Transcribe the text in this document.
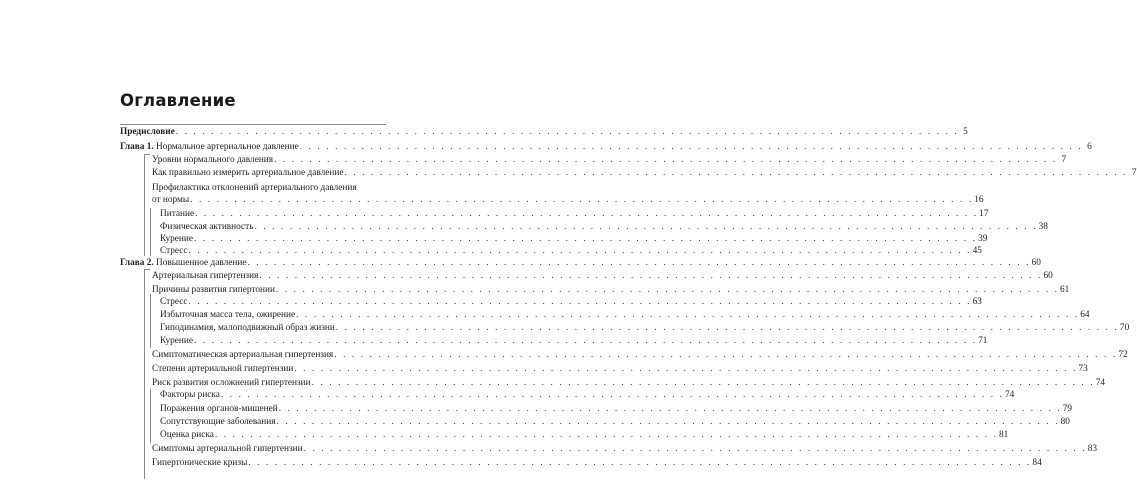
Оглавление
Предисловие . . . . . . . . . . . . . . . . . . . . . . . . . . . . . . . . . . . . . . . . . . . . . . . . . . . . . . . . . . . . . . . . . . . . . . . . . . . . . . . . . . . . . . . . . 5
Глава 1. Нормальное артериальное давление . . . . . . . . . . . . . . . . . . . . . . . . . . . . . . . . . . . . . . . . . . . . . . . . . . . . . . . . . . . . . . . . . . . . . . . . . . . . . . . . . . . . . . . . . 6
Уровни нормального давления . . . . . . . . . . . . . . . . . . . . . . . . . . . . . . . . . . . . . . . . . . . . . . . . . . . . . . . . . . . . . . . . . . . . . . . . . . . . . . . . . . . . . . . . . 7
Как правильно измерить артериальное давление . . . . . . . . . . . . . . . . . . . . . . . . . . . . . . . . . . . . . . . . . . . . . . . . . . . . . . . . . . . . . . . . . . . . . . . . . . . . . . . . . . . . . . . . . 7
Профилактика отклонений артериального давления
от нормы . . . . . . . . . . . . . . . . . . . . . . . . . . . . . . . . . . . . . . . . . . . . . . . . . . . . . . . . . . . . . . . . . . . . . . . . . . . . . . . . . . . . . . . . . 16
Питание . . . . . . . . . . . . . . . . . . . . . . . . . . . . . . . . . . . . . . . . . . . . . . . . . . . . . . . . . . . . . . . . . . . . . . . . . . . . . . . . . . . . . . . . . 17
Физическая активность . . . . . . . . . . . . . . . . . . . . . . . . . . . . . . . . . . . . . . . . . . . . . . . . . . . . . . . . . . . . . . . . . . . . . . . . . . . . . . . . . . . . . . . . . 38
Курение . . . . . . . . . . . . . . . . . . . . . . . . . . . . . . . . . . . . . . . . . . . . . . . . . . . . . . . . . . . . . . . . . . . . . . . . . . . . . . . . . . . . . . . . . 39
Стресс . . . . . . . . . . . . . . . . . . . . . . . . . . . . . . . . . . . . . . . . . . . . . . . . . . . . . . . . . . . . . . . . . . . . . . . . . . . . . . . . . . . . . . . . . 45
Глава 2. Повышенное давление . . . . . . . . . . . . . . . . . . . . . . . . . . . . . . . . . . . . . . . . . . . . . . . . . . . . . . . . . . . . . . . . . . . . . . . . . . . . . . . . . . . . . . . . . 60
Артериальная гипертензия . . . . . . . . . . . . . . . . . . . . . . . . . . . . . . . . . . . . . . . . . . . . . . . . . . . . . . . . . . . . . . . . . . . . . . . . . . . . . . . . . . . . . . . . . 60
Причины развития гипертонии . . . . . . . . . . . . . . . . . . . . . . . . . . . . . . . . . . . . . . . . . . . . . . . . . . . . . . . . . . . . . . . . . . . . . . . . . . . . . . . . . . . . . . . . . 61
Стресс . . . . . . . . . . . . . . . . . . . . . . . . . . . . . . . . . . . . . . . . . . . . . . . . . . . . . . . . . . . . . . . . . . . . . . . . . . . . . . . . . . . . . . . . . 63
Избыточная масса тела, ожирение . . . . . . . . . . . . . . . . . . . . . . . . . . . . . . . . . . . . . . . . . . . . . . . . . . . . . . . . . . . . . . . . . . . . . . . . . . . . . . . . . . . . . . . . . 64
Гиподинамия, малоподвижный образ жизни . . . . . . . . . . . . . . . . . . . . . . . . . . . . . . . . . . . . . . . . . . . . . . . . . . . . . . . . . . . . . . . . . . . . . . . . . . . . . . . . . . . . . . . . . 70
Курение . . . . . . . . . . . . . . . . . . . . . . . . . . . . . . . . . . . . . . . . . . . . . . . . . . . . . . . . . . . . . . . . . . . . . . . . . . . . . . . . . . . . . . . . . 71
Симптоматическая артериальная гипертензия . . . . . . . . . . . . . . . . . . . . . . . . . . . . . . . . . . . . . . . . . . . . . . . . . . . . . . . . . . . . . . . . . . . . . . . . . . . . . . . . . . . . . . . . . 72
Степени артериальной гипертензии . . . . . . . . . . . . . . . . . . . . . . . . . . . . . . . . . . . . . . . . . . . . . . . . . . . . . . . . . . . . . . . . . . . . . . . . . . . . . . . . . . . . . . . . . 73
Риск развития осложнений гипертензии . . . . . . . . . . . . . . . . . . . . . . . . . . . . . . . . . . . . . . . . . . . . . . . . . . . . . . . . . . . . . . . . . . . . . . . . . . . . . . . . . . . . . . . . . 74
Факторы риска . . . . . . . . . . . . . . . . . . . . . . . . . . . . . . . . . . . . . . . . . . . . . . . . . . . . . . . . . . . . . . . . . . . . . . . . . . . . . . . . . . . . . . . . . 74
Поражения органов-мишеней . . . . . . . . . . . . . . . . . . . . . . . . . . . . . . . . . . . . . . . . . . . . . . . . . . . . . . . . . . . . . . . . . . . . . . . . . . . . . . . . . . . . . . . . . 79
Сопутствующие заболевания . . . . . . . . . . . . . . . . . . . . . . . . . . . . . . . . . . . . . . . . . . . . . . . . . . . . . . . . . . . . . . . . . . . . . . . . . . . . . . . . . . . . . . . . . 80
Оценка риска . . . . . . . . . . . . . . . . . . . . . . . . . . . . . . . . . . . . . . . . . . . . . . . . . . . . . . . . . . . . . . . . . . . . . . . . . . . . . . . . . . . . . . . . . 81
Симптомы артериальной гипертензии . . . . . . . . . . . . . . . . . . . . . . . . . . . . . . . . . . . . . . . . . . . . . . . . . . . . . . . . . . . . . . . . . . . . . . . . . . . . . . . . . . . . . . . . . 83
Гипертонические кризы . . . . . . . . . . . . . . . . . . . . . . . . . . . . . . . . . . . . . . . . . . . . . . . . . . . . . . . . . . . . . . . . . . . . . . . . . . . . . . . . . . . . . . . . . 84
